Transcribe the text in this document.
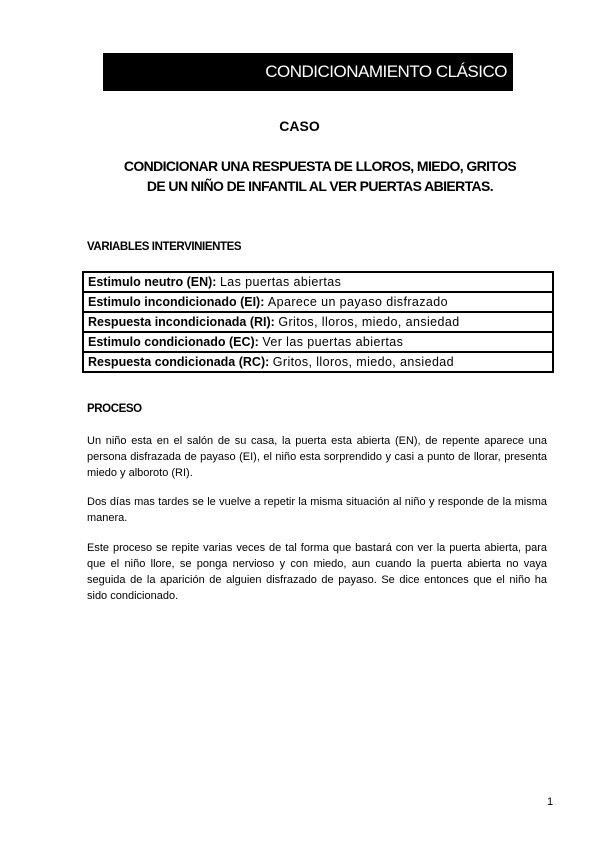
CONDICIONAMIENTO CLÁSICO
CASO
CONDICIONAR UNA RESPUESTA DE LLOROS, MIEDO, GRITOS
DE UN NIÑO DE INFANTIL AL VER PUERTAS ABIERTAS.
VARIABLES INTERVINIENTES
Estimulo neutro (EN): Las puertas abiertas
Estimulo incondicionado (EI): Aparece un payaso disfrazado
Respuesta incondicionada (RI): Gritos, lloros, miedo, ansiedad
Estimulo condicionado (EC): Ver las puertas abiertas
Respuesta condicionada (RC): Gritos, lloros, miedo, ansiedad
PROCESO

Un niño esta en el salón de su casa, la puerta esta abierta (EN), de repente aparece una persona disfrazada de payaso (EI), el niño esta sorprendido y casi a punto de llorar, presenta miedo y alboroto (RI).

Dos días mas tardes se le vuelve a repetir la misma situación al niño y responde de la misma manera.

Este proceso se repite varias veces de tal forma que bastará con ver la puerta abierta, para que el niño llore, se ponga nervioso y con miedo, aun cuando la puerta abierta no vaya seguida de la aparición de alguien disfrazado de payaso. Se dice entonces que el niño ha sido condicionado.

1
